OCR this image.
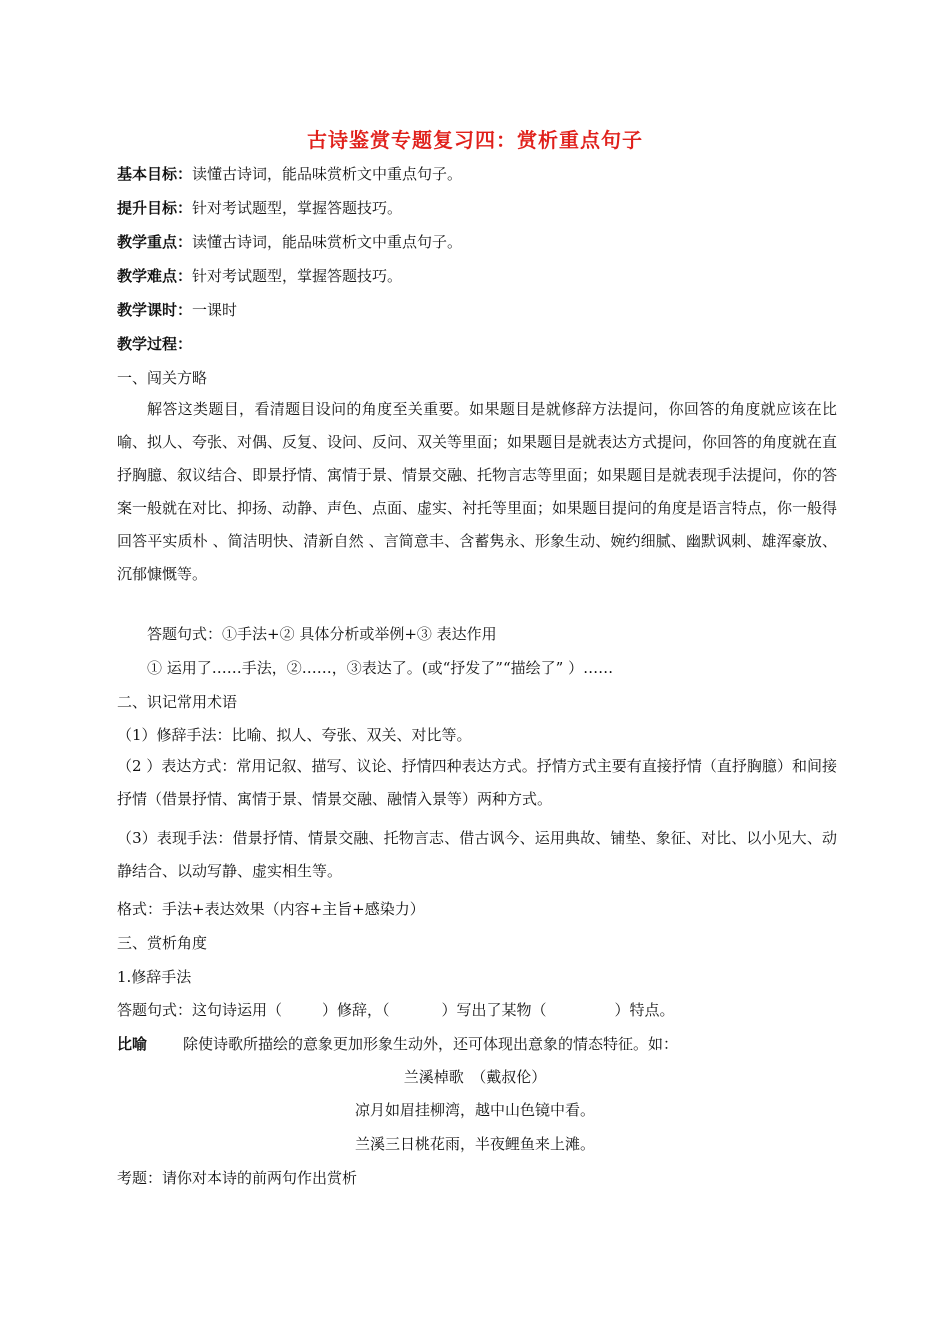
古诗鉴赏专题复习四：赏析重点句子
基本目标：读懂古诗词，能品味赏析文中重点句子。
提升目标：针对考试题型，掌握答题技巧。
教学重点：读懂古诗词，能品味赏析文中重点句子。
教学难点：针对考试题型，掌握答题技巧。
教学课时：一课时
教学过程：
一、闯关方略
解答这类题目，看清题目设问的角度至关重要。如果题目是就修辞方法提问，你回答的角度就应该在比喻、拟人、夸张、对偶、反复、设问、反问、双关等里面；如果题目是就表达方式提问，你回答的角度就在直抒胸臆、叙议结合、即景抒情、寓情于景、情景交融、托物言志等里面；如果题目是就表现手法提问，你的答案一般就在对比、抑扬、动静、声色、点面、虚实、衬托等里面；如果题目提问的角度是语言特点，你一般得回答平实质朴 、简洁明快、清新自然 、言简意丰、含蓄隽永、形象生动、婉约细腻、幽默讽刺、雄浑豪放、沉郁慷慨等。
答题句式：①手法+② 具体分析或举例+③ 表达作用
① 运用了……手法，②……，③表达了。(或“抒发了”“描绘了” ）……
二、识记常用术语
（1）修辞手法：比喻、拟人、夸张、双关、对比等。
（2 ）表达方式：常用记叙、描写、议论、抒情四种表达方式。抒情方式主要有直接抒情（直抒胸臆）和间接抒情（借景抒情、寓情于景、情景交融、融情入景等）两种方式。
（3）表现手法：借景抒情、情景交融、托物言志、借古讽今、运用典故、铺垫、象征、对比、以小见大、动静结合、以动写静、虚实相生等。
格式：手法+表达效果（内容+主旨+感染力）
三、赏析角度
1.修辞手法
答题句式：这句诗运用（	）修辞，（	）写出了某物（	）特点。
比喻 除使诗歌所描绘的意象更加形象生动外，还可体现出意象的情态特征。如：
兰溪棹歌　（戴叔伦）
凉月如眉挂柳湾，越中山色镜中看。
兰溪三日桃花雨，半夜鲤鱼来上滩。
考题：请你对本诗的前两句作出赏析
